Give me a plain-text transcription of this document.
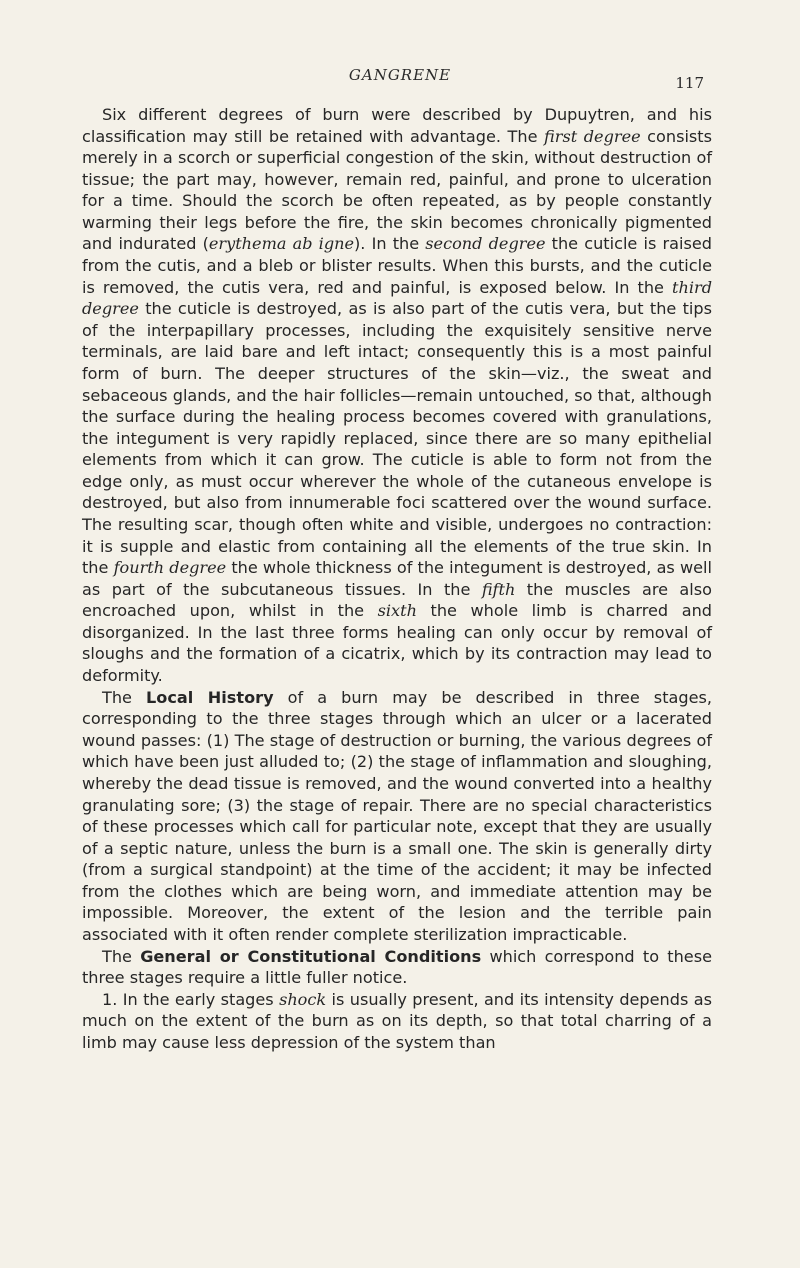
GANGRENE	117

Six different degrees of burn were described by Dupuytren, and his classification may still be retained with advantage. The first degree consists merely in a scorch or superficial congestion of the skin, without destruction of tissue; the part may, however, remain red, painful, and prone to ulceration for a time. Should the scorch be often repeated, as by people constantly warming their legs before the fire, the skin becomes chronically pigmented and indurated (erythema ab igne). In the second degree the cuticle is raised from the cutis, and a bleb or blister results. When this bursts, and the cuticle is removed, the cutis vera, red and painful, is exposed below. In the third degree the cuticle is destroyed, as is also part of the cutis vera, but the tips of the interpapillary processes, including the exquisitely sensitive nerve terminals, are laid bare and left intact; consequently this is a most painful form of burn. The deeper structures of the skin—viz., the sweat and sebaceous glands, and the hair follicles—remain untouched, so that, although the surface during the healing process becomes covered with granulations, the integument is very rapidly replaced, since there are so many epithelial elements from which it can grow. The cuticle is able to form not from the edge only, as must occur wherever the whole of the cutaneous envelope is destroyed, but also from innumerable foci scattered over the wound surface. The resulting scar, though often white and visible, undergoes no contraction: it is supple and elastic from containing all the elements of the true skin. In the fourth degree the whole thickness of the integument is destroyed, as well as part of the subcutaneous tissues. In the fifth the muscles are also encroached upon, whilst in the sixth the whole limb is charred and disorganized. In the last three forms healing can only occur by removal of sloughs and the formation of a cicatrix, which by its contraction may lead to deformity.

The Local History of a burn may be described in three stages, corresponding to the three stages through which an ulcer or a lacerated wound passes: (1) The stage of destruction or burning, the various degrees of which have been just alluded to; (2) the stage of inflammation and sloughing, whereby the dead tissue is removed, and the wound converted into a healthy granulating sore; (3) the stage of repair. There are no special characteristics of these processes which call for particular note, except that they are usually of a septic nature, unless the burn is a small one. The skin is generally dirty (from a surgical standpoint) at the time of the accident; it may be infected from the clothes which are being worn, and immediate attention may be impossible. Moreover, the extent of the lesion and the terrible pain associated with it often render complete sterilization impracticable.

The General or Constitutional Conditions which correspond to these three stages require a little fuller notice.

1. In the early stages shock is usually present, and its intensity depends as much on the extent of the burn as on its depth, so that total charring of a limb may cause less depression of the system than
